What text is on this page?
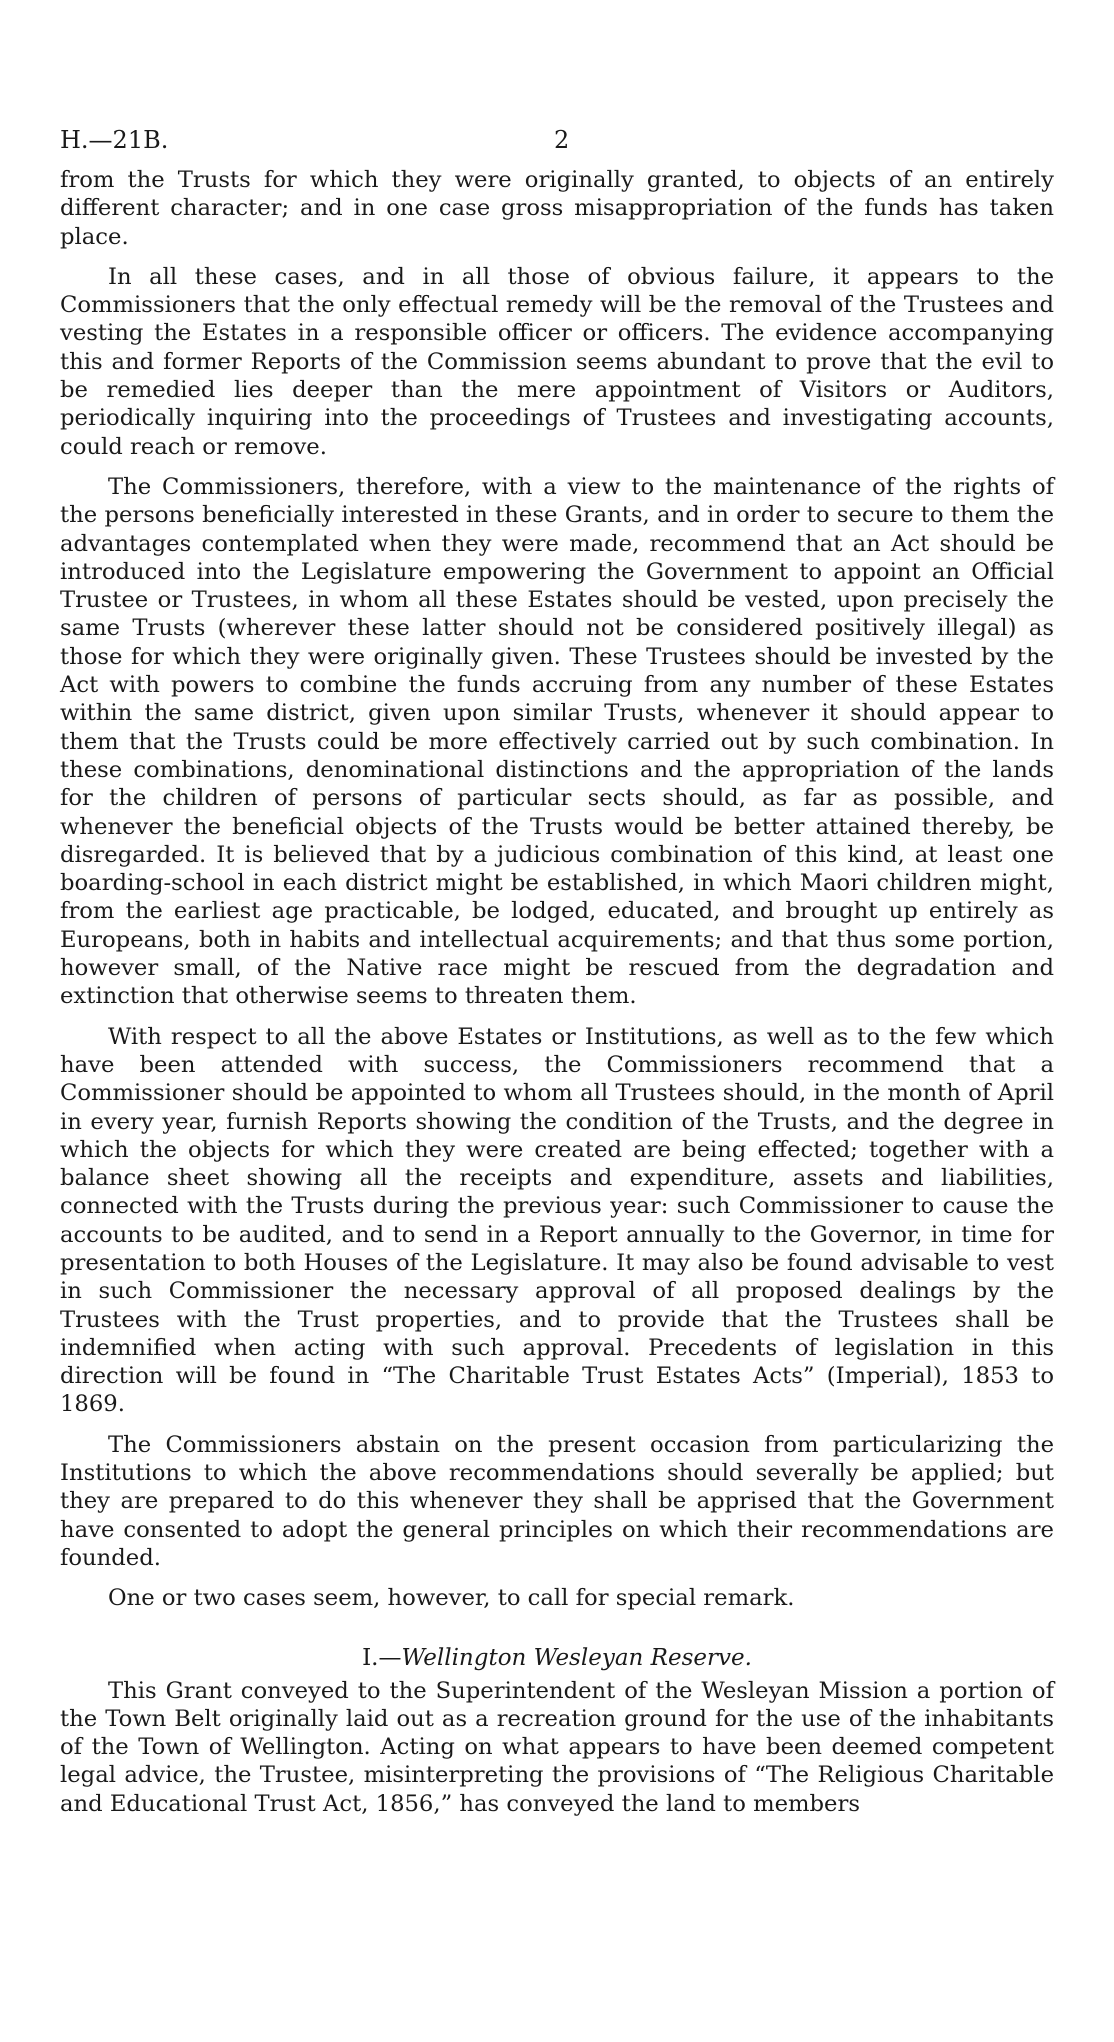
H.—21B.	2

from the Trusts for which they were originally granted, to objects of an entirely different character; and in one case gross misappropriation of the funds has taken place.

In all these cases, and in all those of obvious failure, it appears to the Commissioners that the only effectual remedy will be the removal of the Trustees and vesting the Estates in a responsible officer or officers. The evidence accompanying this and former Reports of the Commission seems abundant to prove that the evil to be remedied lies deeper than the mere appointment of Visitors or Auditors, periodically inquiring into the proceedings of Trustees and investigating accounts, could reach or remove.

The Commissioners, therefore, with a view to the maintenance of the rights of the persons beneficially interested in these Grants, and in order to secure to them the advantages contemplated when they were made, recommend that an Act should be introduced into the Legislature empowering the Government to appoint an Official Trustee or Trustees, in whom all these Estates should be vested, upon precisely the same Trusts (wherever these latter should not be considered positively illegal) as those for which they were originally given. These Trustees should be invested by the Act with powers to combine the funds accruing from any number of these Estates within the same district, given upon similar Trusts, whenever it should appear to them that the Trusts could be more effectively carried out by such combination. In these combinations, denominational distinctions and the appropriation of the lands for the children of persons of particular sects should, as far as possible, and whenever the beneficial objects of the Trusts would be better attained thereby, be disregarded. It is believed that by a judicious combination of this kind, at least one boarding-school in each district might be established, in which Maori children might, from the earliest age practicable, be lodged, educated, and brought up entirely as Europeans, both in habits and intellectual acquirements; and that thus some portion, however small, of the Native race might be rescued from the degradation and extinction that otherwise seems to threaten them.

With respect to all the above Estates or Institutions, as well as to the few which have been attended with success, the Commissioners recommend that a Commissioner should be appointed to whom all Trustees should, in the month of April in every year, furnish Reports showing the condition of the Trusts, and the degree in which the objects for which they were created are being effected; together with a balance sheet showing all the receipts and expenditure, assets and liabilities, connected with the Trusts during the previous year: such Commissioner to cause the accounts to be audited, and to send in a Report annually to the Governor, in time for presentation to both Houses of the Legislature. It may also be found advisable to vest in such Commissioner the necessary approval of all proposed dealings by the Trustees with the Trust properties, and to provide that the Trustees shall be indemnified when acting with such approval. Precedents of legislation in this direction will be found in “The Charitable Trust Estates Acts” (Imperial), 1853 to 1869.

The Commissioners abstain on the present occasion from particularizing the Institutions to which the above recommendations should severally be applied; but they are prepared to do this whenever they shall be apprised that the Government have consented to adopt the general principles on which their recommendations are founded.

One or two cases seem, however, to call for special remark.

I.—Wellington Wesleyan Reserve.

This Grant conveyed to the Superintendent of the Wesleyan Mission a portion of the Town Belt originally laid out as a recreation ground for the use of the inhabitants of the Town of Wellington. Acting on what appears to have been deemed competent legal advice, the Trustee, misinterpreting the provisions of “The Religious Charitable and Educational Trust Act, 1856,” has conveyed the land to members
